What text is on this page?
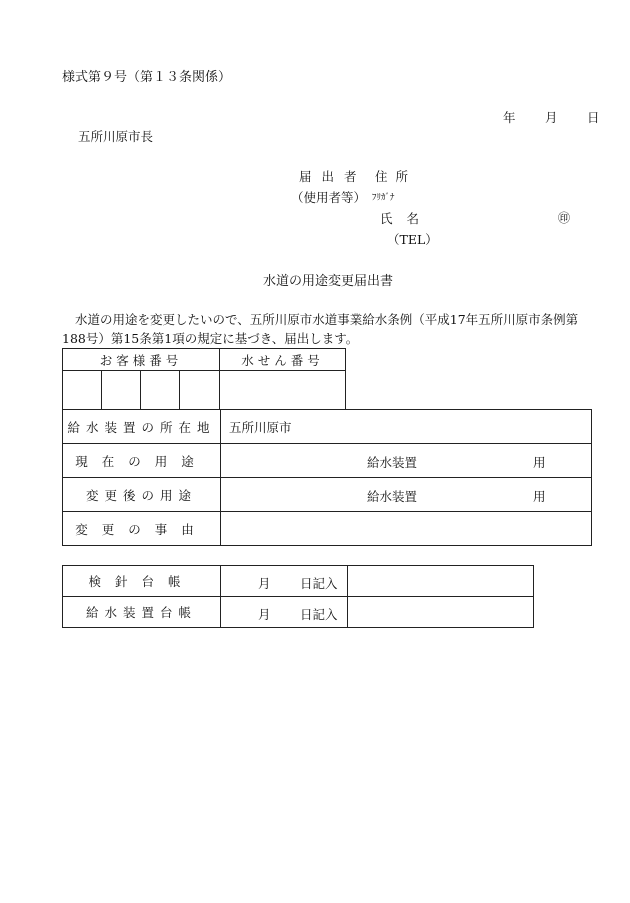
様式第９号（第１３条関係）
年 月 日
五所川原市長
届出者 住所
（使用者等） ﾌﾘｶﾞﾅ
氏名	㊞
（TEL）
水道の用途変更届出書
水道の用途を変更したいので、五所川原市水道事業給水条例（平成17年五所川原市条例第188号）第15条第1項の規定に基づき、届出します。
お客様番号				水せん番号

給水装置の所在地	五所川原市
現在の用途	給水装置 用

変更後の用途	給水装置 用

変更の事由	
検針台帳	月 日記入	

給水装置台帳	月 日記入	
